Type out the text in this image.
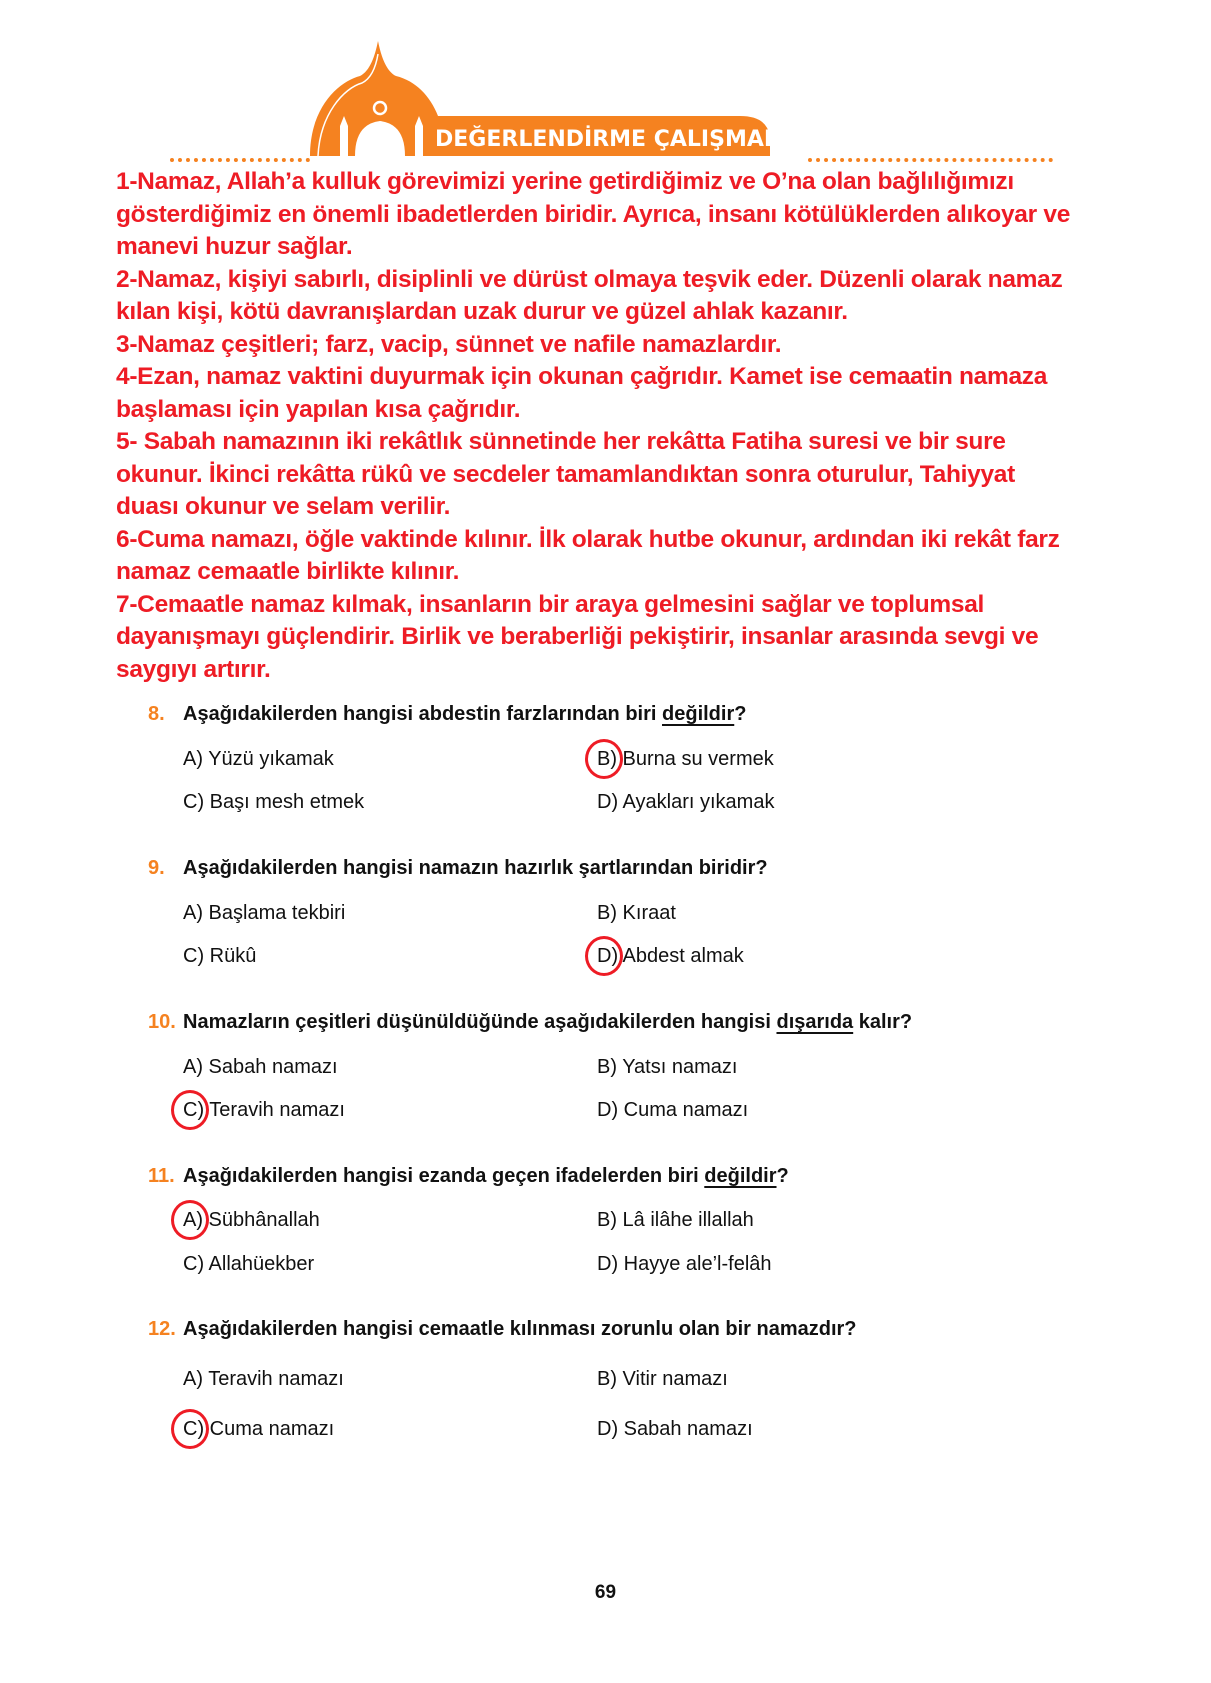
DEĞERLENDİRME ÇALIŞMALARI
1-Namaz, Allah’a kulluk görevimizi yerine getirdiğimiz ve O’na olan bağlılığımızı
gösterdiğimiz en önemli ibadetlerden biridir. Ayrıca, insanı kötülüklerden alıkoyar ve
manevi huzur sağlar.
2-Namaz, kişiyi sabırlı, disiplinli ve dürüst olmaya teşvik eder. Düzenli olarak namaz
kılan kişi, kötü davranışlardan uzak durur ve güzel ahlak kazanır.
3-Namaz çeşitleri; farz, vacip, sünnet ve nafile namazlardır.
4-Ezan, namaz vaktini duyurmak için okunan çağrıdır. Kamet ise cemaatin namaza
başlaması için yapılan kısa çağrıdır.
5- Sabah namazının iki rekâtlık sünnetinde her rekâtta Fatiha suresi ve bir sure
okunur. İkinci rekâtta rükû ve secdeler tamamlandıktan sonra oturulur, Tahiyyat
duası okunur ve selam verilir.
6-Cuma namazı, öğle vaktinde kılınır. İlk olarak hutbe okunur, ardından iki rekât farz
namaz cemaatle birlikte kılınır.
7-Cemaatle namaz kılmak, insanların bir araya gelmesini sağlar ve toplumsal
dayanışmayı güçlendirir. Birlik ve beraberliği pekiştirir, insanlar arasında sevgi ve
saygıyı artırır.
8. Aşağıdakilerden hangisi abdestin farzlarından biri değildir?
A) Yüzü yıkamak	B) Burna su vermek
C) Başı mesh etmek	D) Ayakları yıkamak
9. Aşağıdakilerden hangisi namazın hazırlık şartlarından biridir?
A) Başlama tekbiri	B) Kıraat
C) Rükû	D) Abdest almak
10. Namazların çeşitleri düşünüldüğünde aşağıdakilerden hangisi dışarıda kalır?
A) Sabah namazı	B) Yatsı namazı
C) Teravih namazı	D) Cuma namazı
11. Aşağıdakilerden hangisi ezanda geçen ifadelerden biri değildir?
A) Sübhânallah	B) Lâ ilâhe illallah
C) Allahüekber	D) Hayye ale’l-felâh
12. Aşağıdakilerden hangisi cemaatle kılınması zorunlu olan bir namazdır?
A) Teravih namazı	B) Vitir namazı
C) Cuma namazı	D) Sabah namazı
69
